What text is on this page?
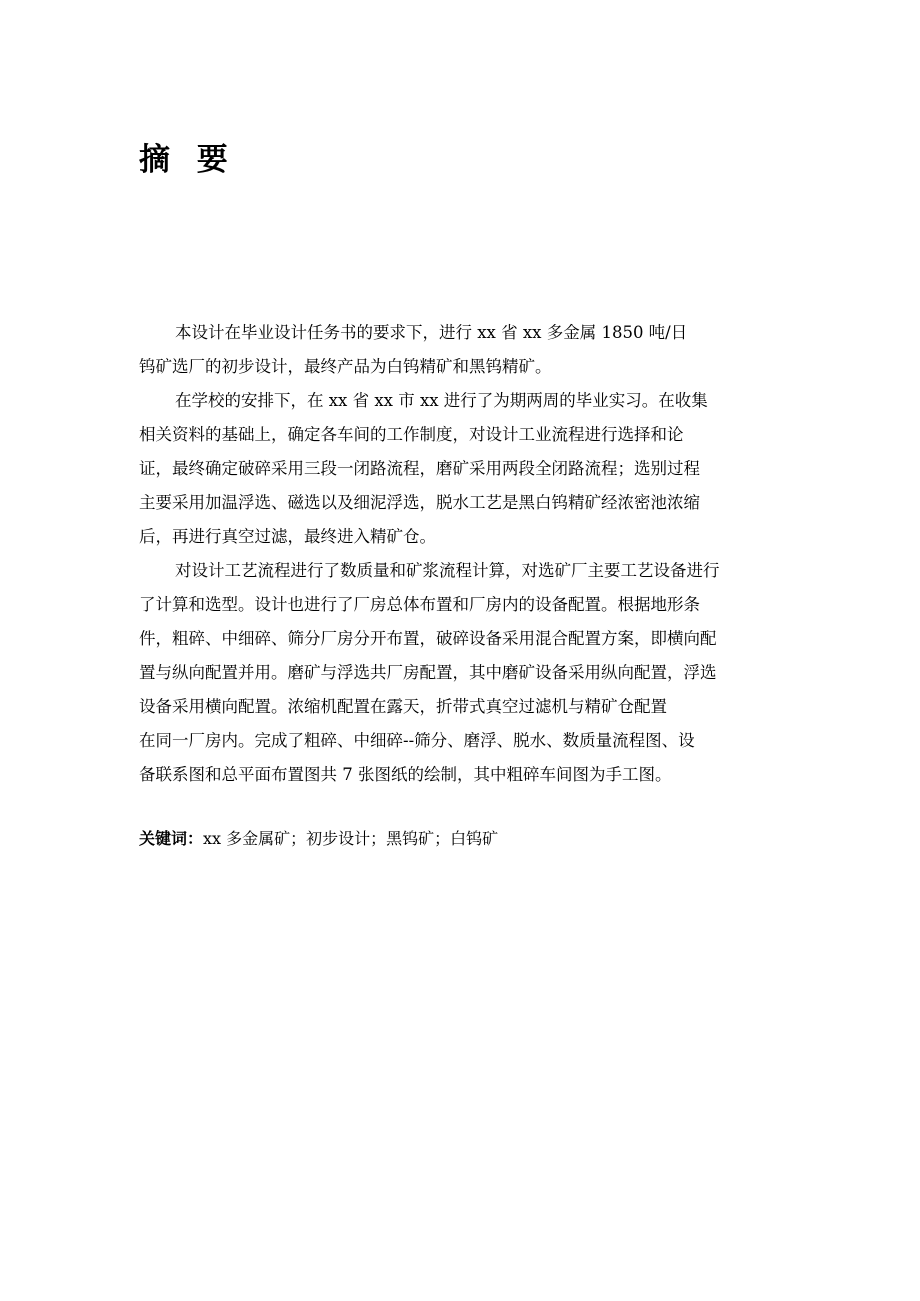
摘 要
本设计在毕业设计任务书的要求下，进行 xx 省 xx 多金属 1850 吨/日
钨矿选厂的初步设计，最终产品为白钨精矿和黑钨精矿。
在学校的安排下，在 xx 省 xx 市 xx 进行了为期两周的毕业实习。在收集
相关资料的基础上，确定各车间的工作制度，对设计工业流程进行选择和论
证，最终确定破碎采用三段一闭路流程，磨矿采用两段全闭路流程；选别过程
主要采用加温浮选、磁选以及细泥浮选，脱水工艺是黑白钨精矿经浓密池浓缩
后，再进行真空过滤，最终进入精矿仓。
对设计工艺流程进行了数质量和矿浆流程计算，对选矿厂主要工艺设备进行
了计算和选型。设计也进行了厂房总体布置和厂房内的设备配置。根据地形条
件，粗碎、中细碎、筛分厂房分开布置，破碎设备采用混合配置方案，即横向配
置与纵向配置并用。磨矿与浮选共厂房配置，其中磨矿设备采用纵向配置，浮选
设备采用横向配置。浓缩机配置在露天，折带式真空过滤机与精矿仓配置
在同一厂房内。完成了粗碎、中细碎--筛分、磨浮、脱水、数质量流程图、设
备联系图和总平面布置图共 7 张图纸的绘制，其中粗碎车间图为手工图。
关键词：xx 多金属矿；初步设计；黑钨矿；白钨矿
